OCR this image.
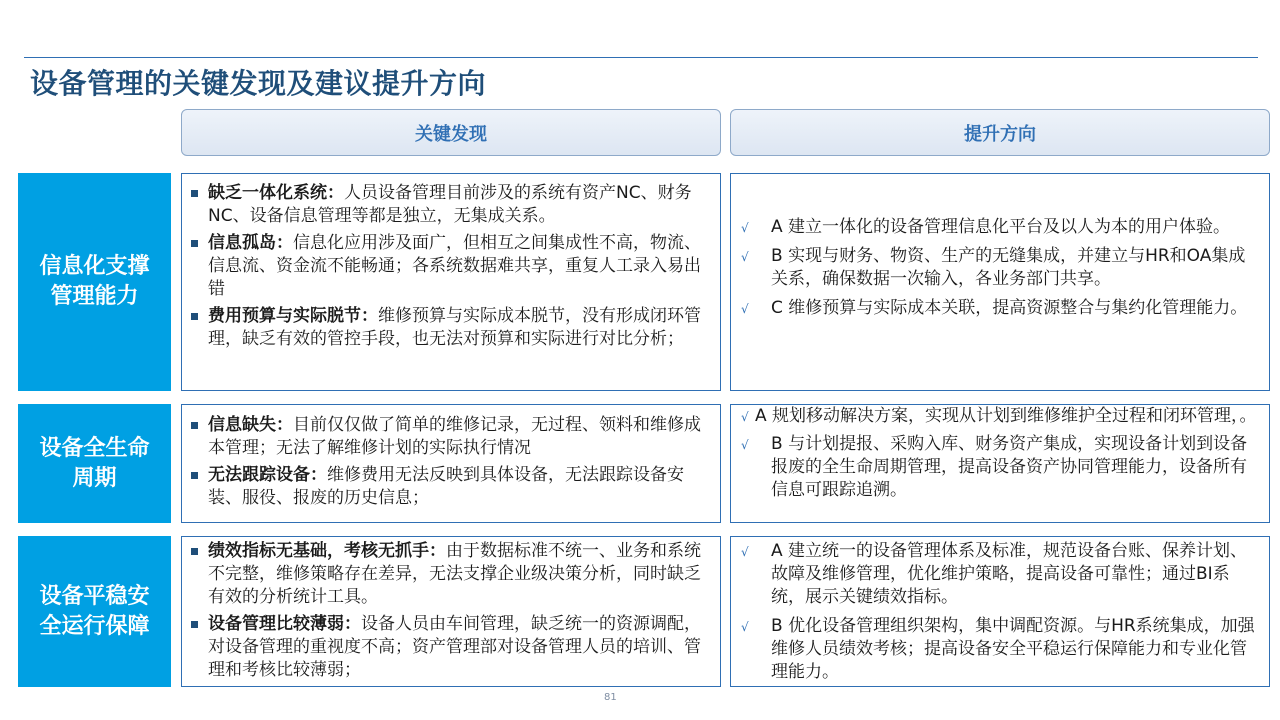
设备管理的关键发现及建议提升方向
关键发现	提升方向
信息化支撑
管理能力
缺乏一体化系统：人员设备管理目前涉及的系统有资产NC、财务NC、设备信息管理等都是独立，无集成关系。
信息孤岛：信息化应用涉及面广，但相互之间集成性不高，物流、信息流、资金流不能畅通；各系统数据难共享，重复人工录入易出错
费用预算与实际脱节：维修预算与实际成本脱节，没有形成闭环管理，缺乏有效的管控手段，也无法对预算和实际进行对比分析；
√ A 建立一体化的设备管理信息化平台及以人为本的用户体验。
√ B 实现与财务、物资、生产的无缝集成，并建立与HR和OA集成关系，确保数据一次输入，各业务部门共享。
√ C 维修预算与实际成本关联，提高资源整合与集约化管理能力。
设备全生命
周期
信息缺失：目前仅仅做了简单的维修记录，无过程、领料和维修成本管理；无法了解维修计划的实际执行情况
无法跟踪设备：维修费用无法反映到具体设备，无法跟踪设备安装、服役、报废的历史信息；
√ A 规划移动解决方案，实现从计划到维修维护全过程和闭环管理，。
√ B 与计划提报、采购入库、财务资产集成，实现设备计划到设备报废的全生命周期管理，提高设备资产协同管理能力，设备所有信息可跟踪追溯。
设备平稳安
全运行保障
绩效指标无基础，考核无抓手：由于数据标准不统一、业务和系统不完整，维修策略存在差异，无法支撑企业级决策分析，同时缺乏有效的分析统计工具。
设备管理比较薄弱：设备人员由车间管理，缺乏统一的资源调配，对设备管理的重视度不高；资产管理部对设备管理人员的培训、管理和考核比较薄弱；
√ A 建立统一的设备管理体系及标准，规范设备台账、保养计划、故障及维修管理，优化维护策略，提高设备可靠性；通过BI系统，展示关键绩效指标。
√ B 优化设备管理组织架构，集中调配资源。与HR系统集成，加强维修人员绩效考核；提高设备安全平稳运行保障能力和专业化管理能力。
81
